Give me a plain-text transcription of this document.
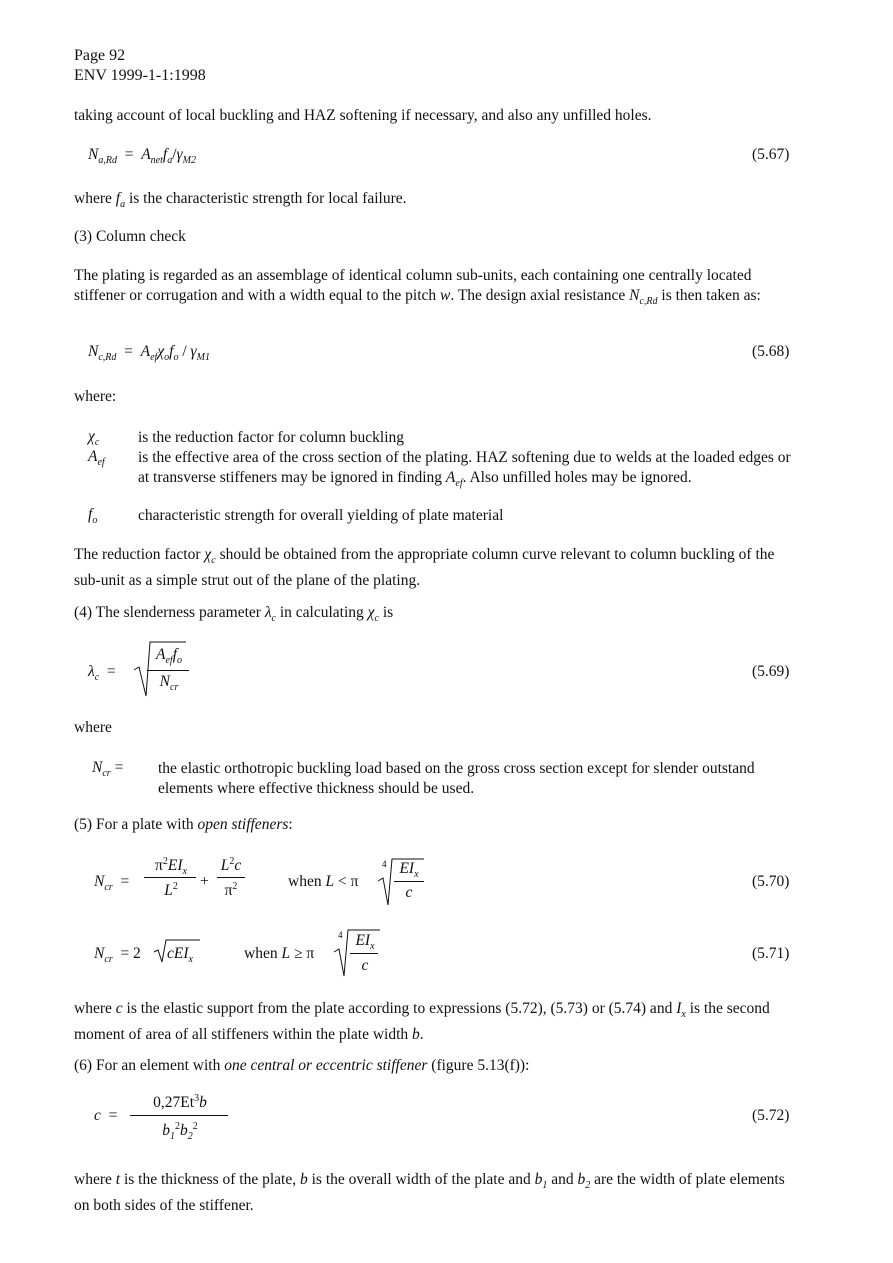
Page 92
ENV 1999-1-1:1998
taking account of local buckling and HAZ softening if necessary, and also any unfilled holes.
$N_{a,Rd} = A_{net}f_a/\gamma_{M2}$	(5.67)
where $f_a$ is the characteristic strength for local failure.
(3) Column check
The plating is regarded as an assemblage of identical column sub-units, each containing one centrally located stiffener or corrugation and with a width equal to the pitch w. The design axial resistance $N_{c,Rd}$ is then taken as:
$N_{c,Rd} = A_{ef}\chi_of_o / \gamma_{M1}$	(5.68)
where:
$\chi_c$ is the reduction factor for column buckling
$A_{ef}$ is the effective area of the cross section of the plating. HAZ softening due to welds at the loaded edges or at transverse stiffeners may be ignored in finding $A_{ef}$. Also unfilled holes may be ignored.
$f_o$	characteristic strength for overall yielding of plate material
The reduction factor $\chi_c$ should be obtained from the appropriate column curve relevant to column buckling of the sub-unit as a simple strut out of the plane of the plating.
(4) The slenderness parameter $\lambda_c$ in calculating $\chi_c$ is
$\lambda_c$  =
$A_{ef}f_o$
$N_{cr}$
(5.69)
where
$N_{cr}$ = the elastic orthotropic buckling load based on the gross cross section except for slender outstand elements where effective thickness should be used.
(5) For a plate with open stiffeners:
$N_{cr}$  =
$\pi^2EI_x$
$L^2$	+
$L^2c$
$\pi^2$	when L < π
4 $EI_x$
c
(5.70)
$N_{cr} = 2$ cEI$_x$	when L ≥ π
4 $EI_x$
c
(5.71)
where c is the elastic support from the plate according to expressions (5.72), (5.73) or (5.74) and $I_x$ is the second moment of area of all stiffeners within the plate width b.
(6) For an element with one central or eccentric stiffener (figure 5.13(f)):
c  =
$0,27Et^3b$
$b_1^2b_2^2$
(5.72)
where t is the thickness of the plate, b is the overall width of the plate and $b_1$ and $b_2$ are the width of plate elements on both sides of the stiffener.
